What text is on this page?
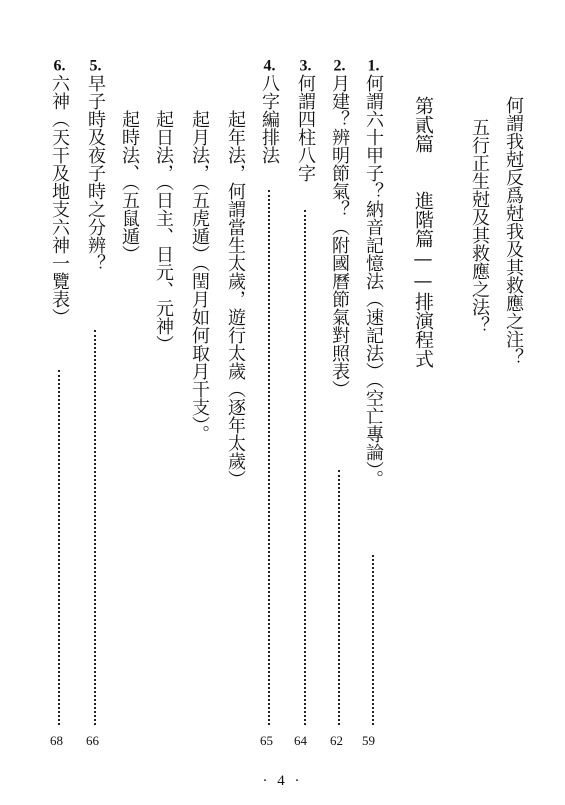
何謂我尅反爲尅我及其救應之注？
五行正生尅及其救應之法？
第貳篇　　進階篇——排演程式
1.何謂六十甲子？納音記憶法（速記法）（空亡專論）。
59
2.月建？辨明節氣？（附國曆節氣對照表）
62
3.何謂四柱八字
64
4.八字編排法
65
起年法，何謂當生太歲，遊行太歲（逐年太歲）
起月法，（五虎遁）（閏月如何取月干支）。
起日法，（日主、日元、元神）
起時法、（五鼠遁）
5.早子時及夜子時之分辨？
66
6.六神（天干及地支六神一覽表）
68
· 4 ·
